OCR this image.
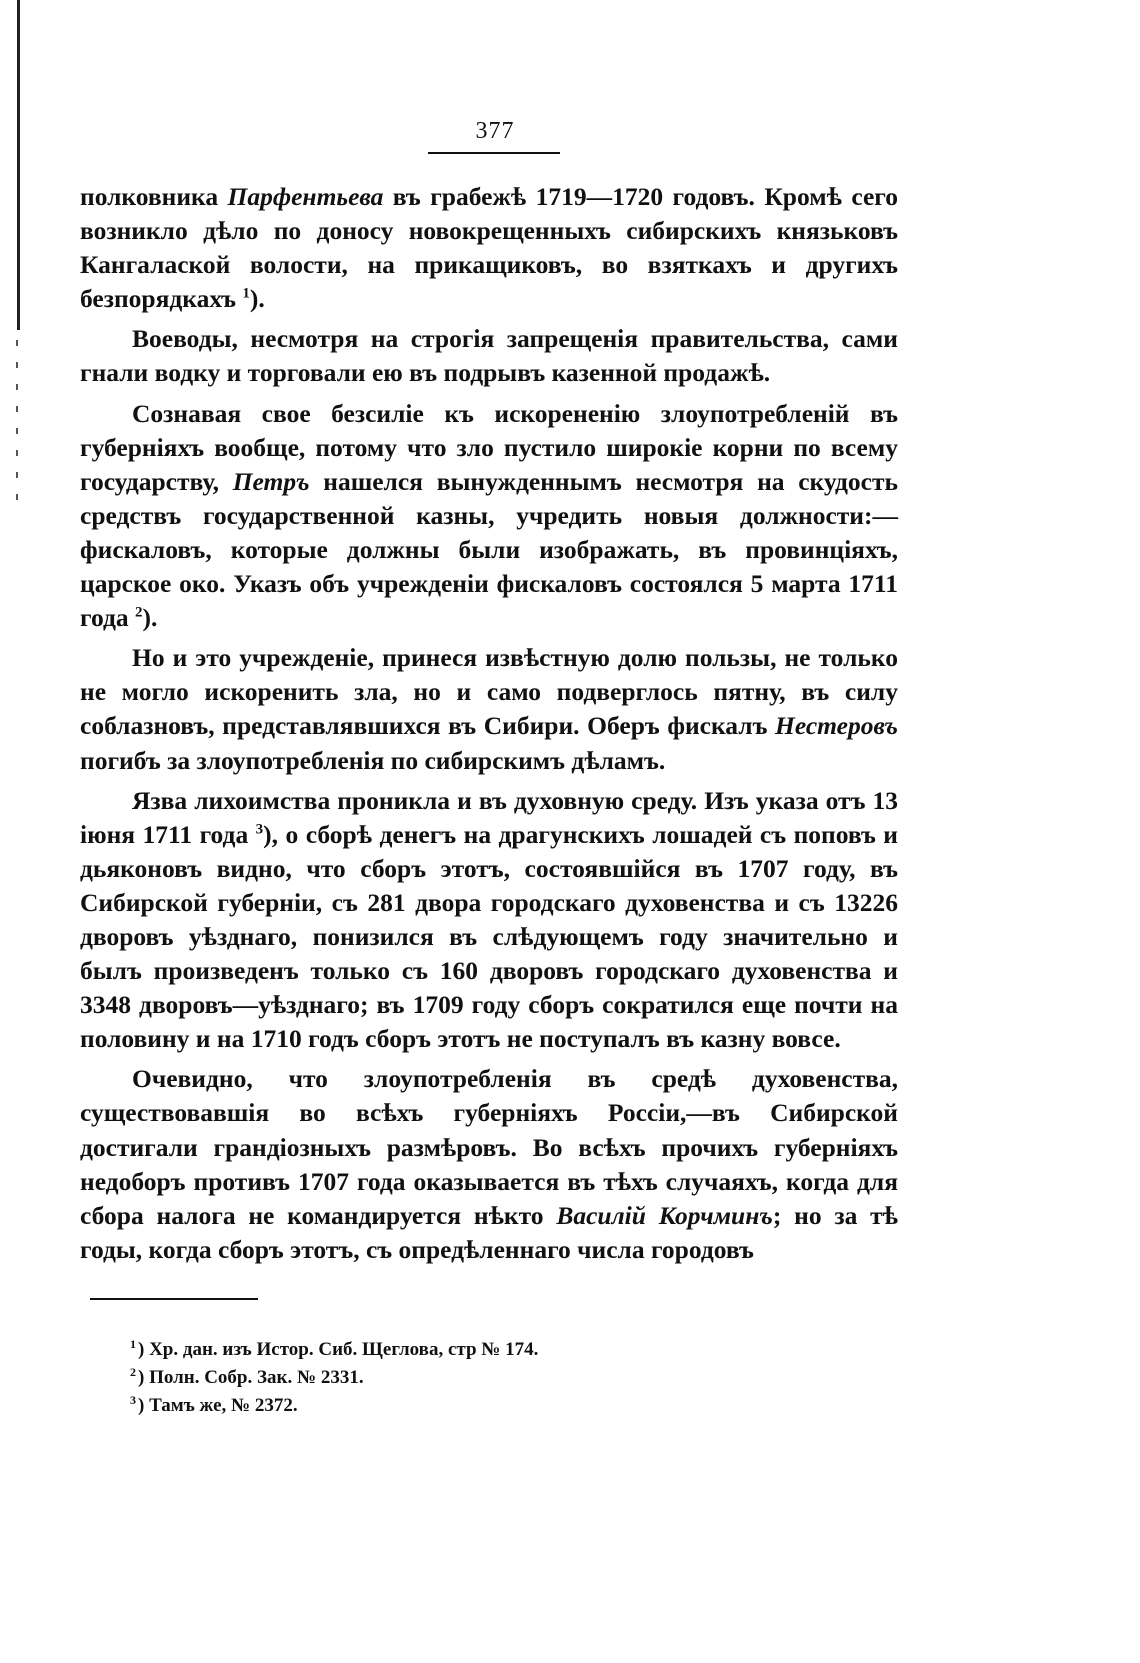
377

полковника Парфентьева въ грабежѣ 1719—1720 годовъ. Кромѣ сего возникло дѣло по доносу новокрещенныхъ сибирскихъ князьковъ Кангалаской волости, на прикащиковъ, во взяткахъ и другихъ безпорядкахъ $^1$).

Воеводы, несмотря на строгія запрещенія правительства, сами гнали водку и торговали ею въ подрывъ казенной продажѣ.

Сознавая свое безсиліе къ искорененію злоупотребленій въ губерніяхъ вообще, потому что зло пустило широкіе корни по всему государству, Петръ нашелся вынужденнымъ несмотря на скудость средствъ государственной казны, учредить новыя должности:—фискаловъ, которые должны были изображать, въ провинціяхъ, царское око. Указъ объ учрежденіи фискаловъ состоялся 5 марта 1711 года $^2$).

Но и это учрежденіе, принеся извѣстную долю пользы, не только не могло искоренить зла, но и само подверглось пятну, въ силу соблазновъ, представлявшихся въ Сибири. Оберъ фискалъ Нестеровъ погибъ за злоупотребленія по сибирскимъ дѣламъ.

Язва лихоимства проникла и въ духовную среду. Изъ указа отъ 13 іюня 1711 года $^3$), о сборѣ денегъ на драгунскихъ лошадей съ поповъ и дьяконовъ видно, что сборъ этотъ, состоявшійся въ 1707 году, въ Сибирской губерніи, съ 281 двора городскаго духовенства и съ 13226 дворовъ уѣзднаго, понизился въ слѣдующемъ году значительно и былъ произведенъ только съ 160 дворовъ городскаго духовенства и 3348 дворовъ—уѣзднаго; въ 1709 году сборъ сократился еще почти на половину и на 1710 годъ сборъ этотъ не поступалъ въ казну вовсе.

Очевидно, что злоупотребленія въ средѣ духовенства, существовавшія во всѣхъ губерніяхъ Россіи,—въ Сибирской достигали грандіозныхъ размѣровъ. Во всѣхъ прочихъ губерніяхъ недоборъ противъ 1707 года оказывается въ тѣхъ случаяхъ, когда для сбора налога не командируется нѣкто Василій Корчминъ; но за тѣ годы, когда сборъ этотъ, съ опредѣленнаго числа городовъ

$^1$ ) Хр. дан. изъ Истор. Сиб. Щеглова, стр № 174.
$^2$ ) Полн. Собр. Зак. № 2331.
$^3$ ) Тамъ же, № 2372.
